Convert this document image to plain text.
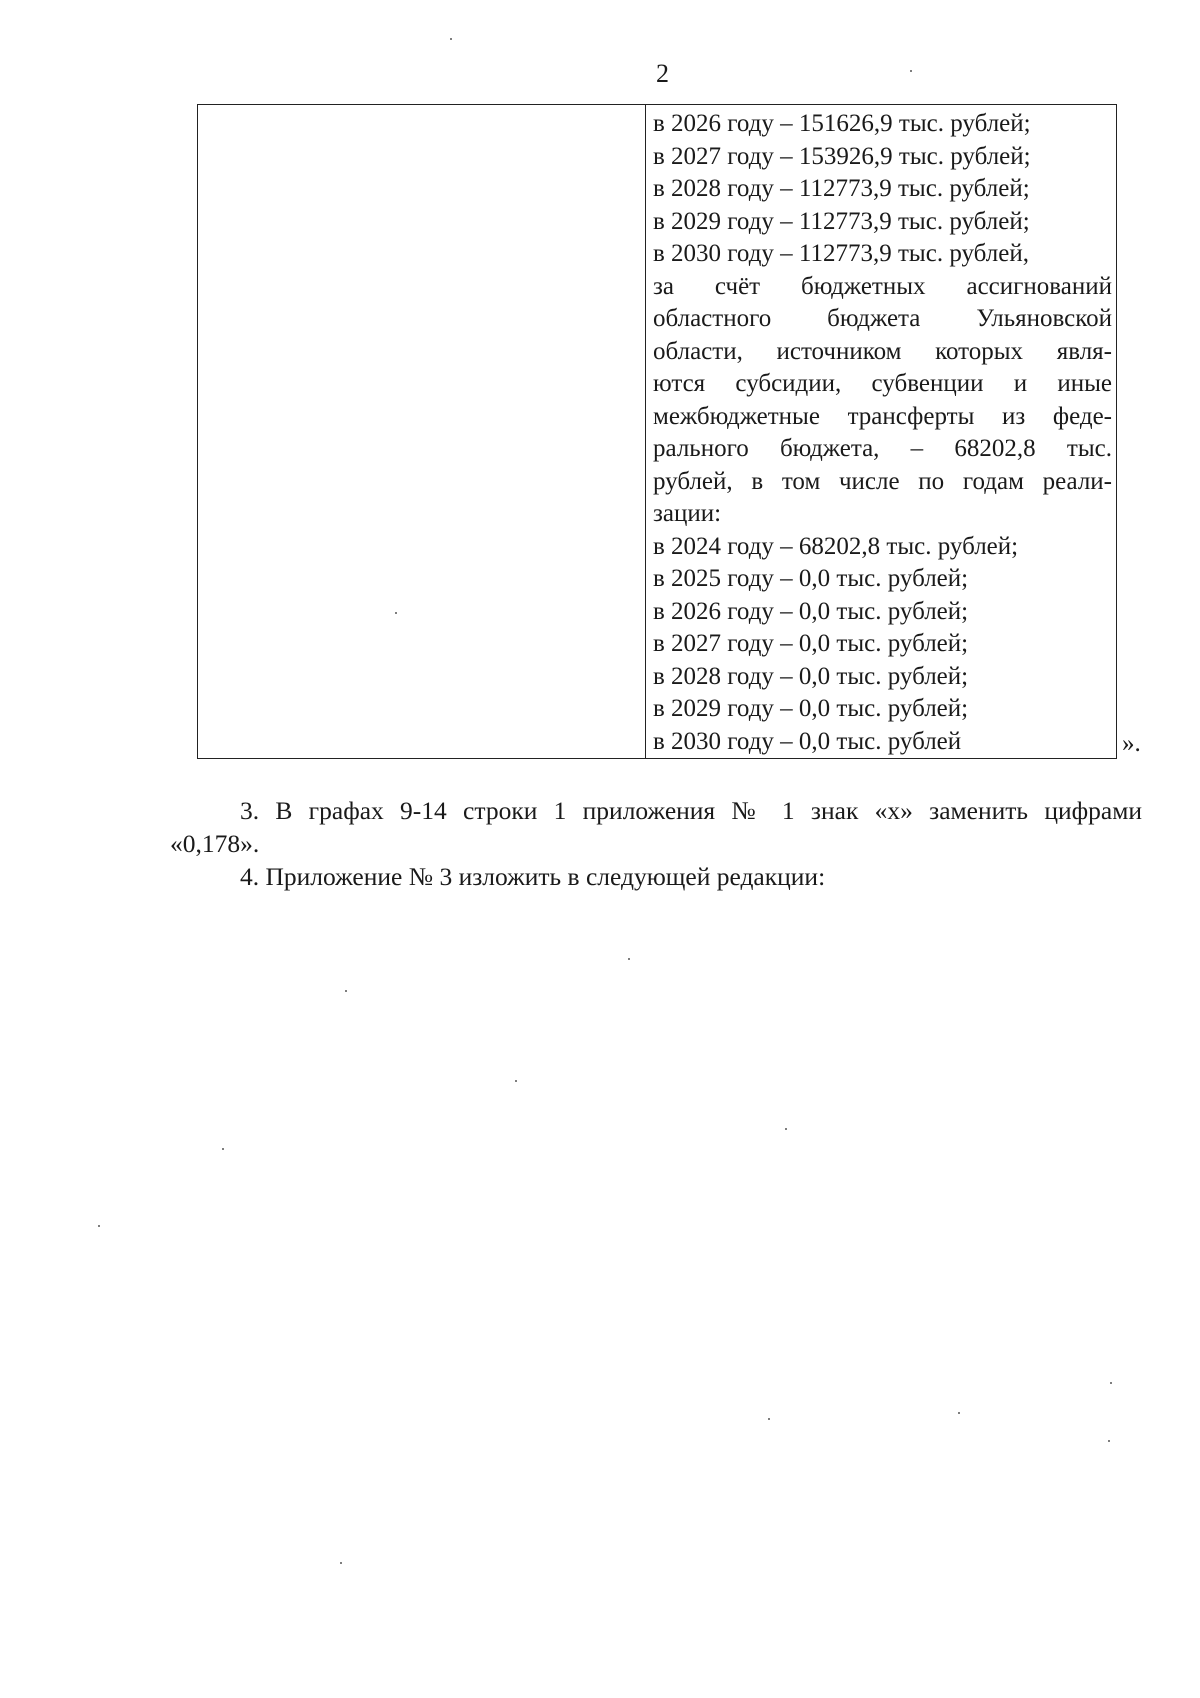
2

в 2026 году – 151626,9 тыс. рублей;
в 2027 году – 153926,9 тыс. рублей;
в 2028 году – 112773,9 тыс. рублей;
в 2029 году – 112773,9 тыс. рублей;
в 2030 году – 112773,9 тыс. рублей,
за счёт бюджетных ассигнований
областного бюджета Ульяновской
области, источником которых явля-
ются субсидии, субвенции и иные
межбюджетные трансферты из феде-
рального бюджета, – 68202,8 тыс.
рублей, в том числе по годам реали-
зации:
в 2024 году – 68202,8 тыс. рублей;
в 2025 году – 0,0 тыс. рублей;
в 2026 году – 0,0 тыс. рублей;
в 2027 году – 0,0 тыс. рублей;
в 2028 году – 0,0 тыс. рублей;
в 2029 году – 0,0 тыс. рублей;
в 2030 году – 0,0 тыс. рублей	».
3. В графах 9-14 строки 1 приложения № 1 знак «х» заменить цифрами
«0,178».
4. Приложение № 3 изложить в следующей редакции:
